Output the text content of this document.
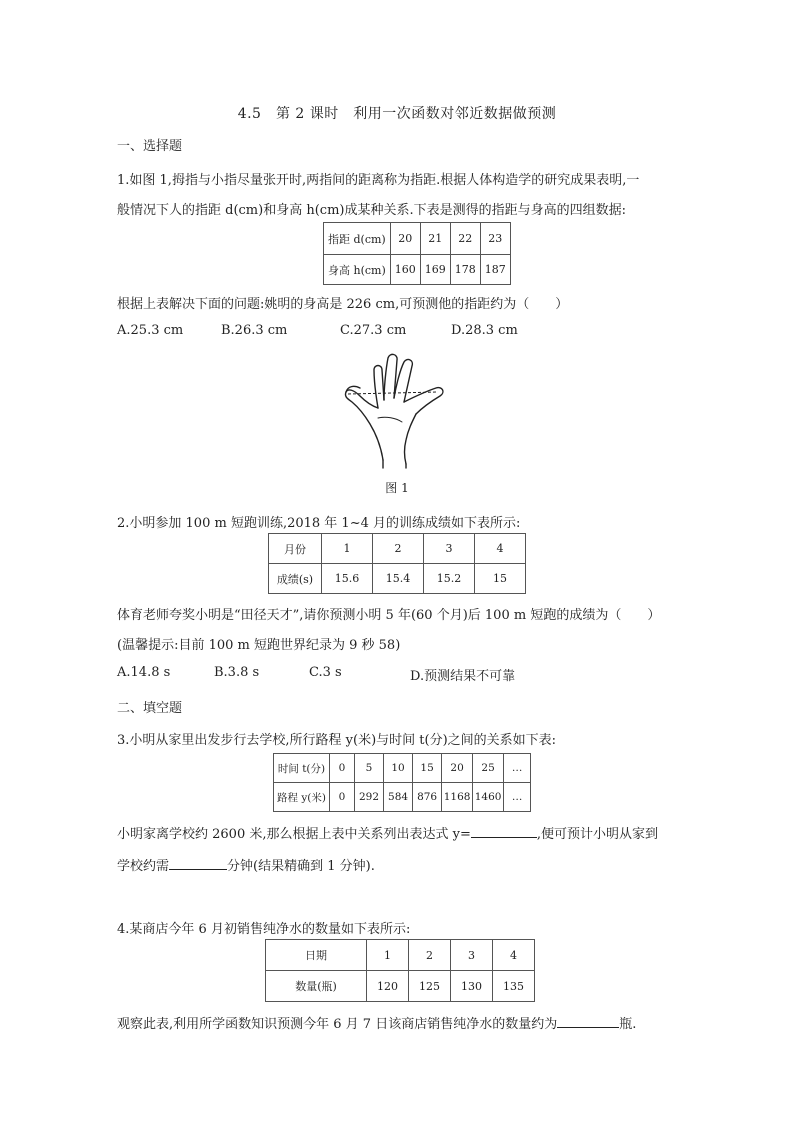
4.5　第 2 课时　利用一次函数对邻近数据做预测
一、选择题
1.如图 1,拇指与小指尽量张开时,两指间的距离称为指距.根据人体构造学的研究成果表明,一
般情况下人的指距 d(cm)和身高 h(cm)成某种关系.下表是测得的指距与身高的四组数据:
指距 d(cm)	20	21	22	23
身高 h(cm)	160	169	178	187
根据上表解决下面的问题:姚明的身高是 226 cm,可预测他的指距约为（　　）
A.25.3 cm	B.26.3 cm	C.27.3 cm	D.28.3 cm
图 1
2.小明参加 100 m 短跑训练,2018 年 1~4 月的训练成绩如下表所示:
月份	1	2	3	4
成绩(s)	15.6	15.4	15.2	15
体育老师夸奖小明是“田径天才”,请你预测小明 5 年(60 个月)后 100 m 短跑的成绩为（　　）
(温馨提示:目前 100 m 短跑世界纪录为 9 秒 58)
A.14.8 s	B.3.8 s	C.3 s	D.预测结果不可靠
二、填空题
3.小明从家里出发步行去学校,所行路程 y(米)与时间 t(分)之间的关系如下表:
时间 t(分)	0	5	10	15	20	25	…
路程 y(米)	0	292	584	876	1168	1460	…
小明家离学校约 2600 米,那么根据上表中关系列出表达式 y=	,便可预计小明从家到
学校约需	分钟(结果精确到 1 分钟).
4.某商店今年 6 月初销售纯净水的数量如下表所示:
日期	1	2	3	4
数量(瓶)	120	125	130	135
观察此表,利用所学函数知识预测今年 6 月 7 日该商店销售纯净水的数量约为	瓶.
